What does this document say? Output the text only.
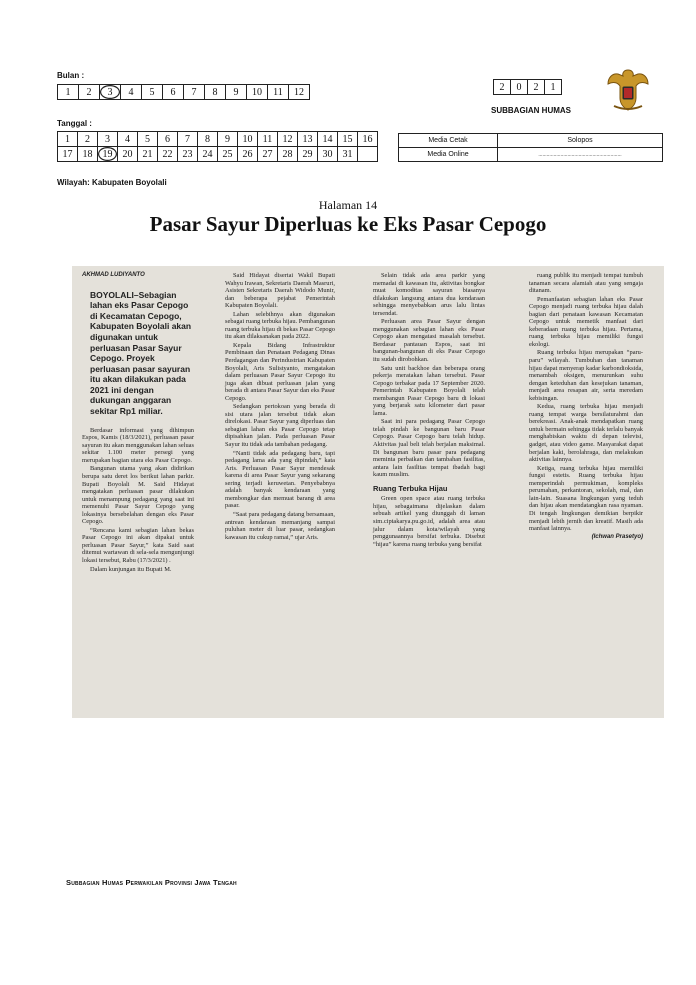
Bulan :
1	2	3	4	5	6	7	8	9	10	11	12	2	0	2	1
SUBBAGIAN HUMAS
Tanggal :
1	2	3	4	5	6	7	8	9	10	11	12	13	14	15	16
17	18	19	20	21	22	23	24	25	26	27	28	29	30	31	
Media Cetak	Solopos
Media Online	............................................................
Wilayah: Kabupaten Boyolali
Halaman 14
Pasar Sayur Diperluas ke Eks Pasar Cepogo
AKHMAD LUDIYANTO
BOYOLALI–Sebagian lahan eks Pasar Cepogo di Kecamatan Cepogo, Kabupaten Boyolali akan digunakan untuk perluasan Pasar Sayur Cepogo. Proyek perluasan pasar sayuran itu akan dilakukan pada 2021 ini dengan dukungan anggaran sekitar Rp1 miliar.

Berdasar informasi yang dihimpun Espos, Kamis (18/3/2021), perluasan pasar sayuran itu akan menggunakan lahan seluas sekitar 1.100 meter persegi yang merupakan bagian utara eks Pasar Cepogo.

Bangunan utama yang akan didirikan berupa satu deret los berikut lahan parkir. Bupati Boyolali M. Said Hidayat mengatakan perluasan pasar dilakukan untuk menampung pedagang yang saat ini memenuhi Pasar Sayur Cepogo yang lokasinya bersebelahan dengan eks Pasar Cepogo.

“Rencana kami sebagian lahan bekas Pasar Cepogo ini akan dipakai untuk perluasan Pasar Sayur,” kata Said saat ditemui wartawan di sela-sela mengunjungi lokasi tersebut, Rabu (17/3/2021) .

Dalam kunjungan itu Bupati M.

Said Hidayat disertai Wakil Bupati Wahyu Irawan, Sekretaris Daerah Masruri, Asisten Sekretaris Daerah Widodo Munir, dan beberapa pejabat Pemerintah Kabupaten Boyolali.

Lahan selebihnya akan digunakan sebagai ruang terbuka hijau. Pembangunan ruang terbuka hijau di bekas Pasar Cepogo itu akan dilaksanakan pada 2022.

Kepala Bidang Infrastruktur Pembinaan dan Penataan Pedagang Dinas Perdagangan dan Perindustrian Kabupaten Boyolali, Aris Sulistyanto, mengatakan dalam perluasan Pasar Sayur Cepogo itu juga akan dibuat perluasan jalan yang berada di antara Pasar Sayur dan eks Pasar Cepogo.

Sedangkan pertokoan yang berada di sisi utara jalan tersebut tidak akan direlokasi. Pasar Sayur yang diperluas dan sebagian lahan eks Pasar Cepogo tetap dipisahkan jalan. Pada perluasan Pasar Sayur itu tidak ada tambahan pedagang.

“Nanti tidak ada pedagang baru, tapi pedagang lama ada yang dipindah,” kata Aris. Perluasan Pasar Sayur mendesak karena di area Pasar Sayur yang sekarang sering terjadi keruwetan. Penyebabnya adalah banyak kendaraan yang membongkar dan memuat barang di area pasar.

“Saat para pedagang datang bersamaan, antrean kendaraan memanjang sampai puluhan meter di luar pasar, sedangkan kawasan itu cukup ramai,” ujar Aris.

Selain tidak ada area parkir yang memadai di kawasan itu, aktivitas bongkar muat komoditas sayuran biasanya dilakukan langsung antara dua kendaraan sehingga menyebabkan arus lalu lintas tersendat.

Perluasan area Pasar Sayur dengan menggunakan sebagian lahan eks Pasar Cepogo akan mengatasi masalah tersebut. Berdasar pantauan Espos, saat ini bangunan-bangunan di eks Pasar Cepogo itu sudah dirobohkan.

Satu unit backhoe dan beberapa orang pekerja meratakan lahan tersebut. Pasar Cepogo terbakar pada 17 September 2020. Pemerintah Kabupaten Boyolali telah membangun Pasar Cepogo baru di lokasi yang berjarak satu kilometer dari pasar lama.

Saat ini para pedagang Pasar Cepogo telah pindah ke bangunan baru Pasar Cepogo. Pasar Cepogo baru telah hidup. Aktivitas jual beli telah berjalan maksimal. Di bangunan baru pasar para pedagang meminta perbaikan dan tambahan fasilitas, antara lain fasilitas tempat ibadah bagi kaum muslim.

Ruang Terbuka Hijau

Green open space atau ruang terbuka hijau, sebagaimana dijelaskan dalam sebuah artikel yang diunggah di laman sim.ciptakarya.pu.go.id, adalah area atau jalur dalam kota/wilayah yang penggunaannya bersifat terbuka. Disebut “hijau” karena ruang terbuka yang bersifat

ruang publik itu menjadi tempat tumbuh tanaman secara alamiah atau yang sengaja ditanam.

Pemanfaatan sebagian lahan eks Pasar Cepogo menjadi ruang terbuka hijau dalah bagian dari penataan kawasan Kecamatan Cepogo untuk memetik manfaat dari keberadaan ruang terbuka hijau. Pertama, ruang terbuka hijau memiliki fungsi ekologi.

Ruang terbuka hijau merupakan “paru-paru” wilayah. Tumbuhan dan tanaman hijau dapat menyerap kadar karbondioksida, menambah oksigen, menurunkan suhu dengan keteduhan dan kesejukan tanaman, menjadi area resapan air, serta meredam kebisingan.

Kedua, ruang terbuka hijau menjadi ruang tempat warga bersilaturahmi dan berekreasi. Anak-anak mendapatkan ruang untuk bermain sehingga tidak terlalu banyak menghabiskan waktu di depan televisi, gadget, atau video game. Masyarakat dapat berjalan kaki, berolahraga, dan melakukan aktivitas lainnya.

Ketiga, ruang terbuka hijau memiliki fungsi estetis. Ruang terbuka hijau memperindah permukiman, kompleks perumahan, perkantoran, sekolah, mal, dan lain-lain. Suasana lingkungan yang teduh dan hijau akan mendatangkan rasa nyaman. Di tengah lingkungan demikian berpikir menjadi lebih jernih dan kreatif. Masih ada manfaat lainnya.

(Ichwan Prasetyo)
Subbagian Humas Perwakilan Provinsi Jawa Tengah
